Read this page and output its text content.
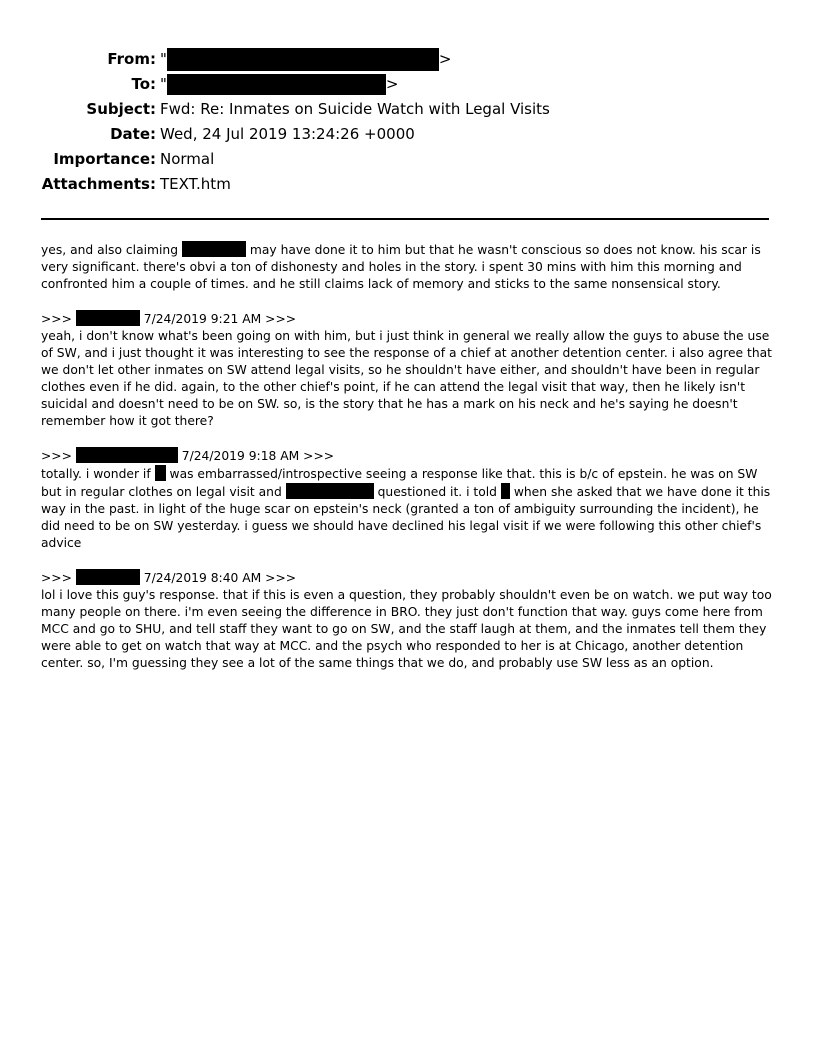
From: "	>
To: "	>
Subject: Fwd: Re: Inmates on Suicide Watch with Legal Visits
Date: Wed, 24 Jul 2019 13:24:26 +0000
Importance: Normal
Attachments: TEXT.htm

yes, and also claiming	may have done it to him but that he wasn't conscious so does not know. his scar is very significant. there's obvi a ton of dishonesty and holes in the story. i spent 30 mins with him this morning and confronted him a couple of times. and he still claims lack of memory and sticks to the same nonsensical story.

>>>	7/24/2019 9:21 AM >>>
yeah, i don't know what's been going on with him, but i just think in general we really allow the guys to abuse the use of SW, and i just thought it was interesting to see the response of a chief at another detention center. i also agree that we don't let other inmates on SW attend legal visits, so he shouldn't have either, and shouldn't have been in regular clothes even if he did. again, to the other chief's point, if he can attend the legal visit that way, then he likely isn't suicidal and doesn't need to be on SW. so, is the story that he has a mark on his neck and he's saying he doesn't remember how it got there?
>>>	7/24/2019 9:18 AM >>>
totally. i wonder if was embarrassed/introspective seeing a response like that. this is b/c of epstein. he was on SW but in regular clothes on legal visit and	questioned it. i told when she asked that we have done it this way in the past. in light of the huge scar on epstein's neck (granted a ton of ambiguity surrounding the incident), he did need to be on SW yesterday. i guess we should have declined his legal visit if we were following this other chief's advice
>>>	7/24/2019 8:40 AM >>>
lol i love this guy's response. that if this is even a question, they probably shouldn't even be on watch. we put way too many people on there. i'm even seeing the difference in BRO. they just don't function that way. guys come here from MCC and go to SHU, and tell staff they want to go on SW, and the staff laugh at them, and the inmates tell them they were able to get on watch that way at MCC. and the psych who responded to her is at Chicago, another detention center. so, I'm guessing they see a lot of the same things that we do, and probably use SW less as an option.
